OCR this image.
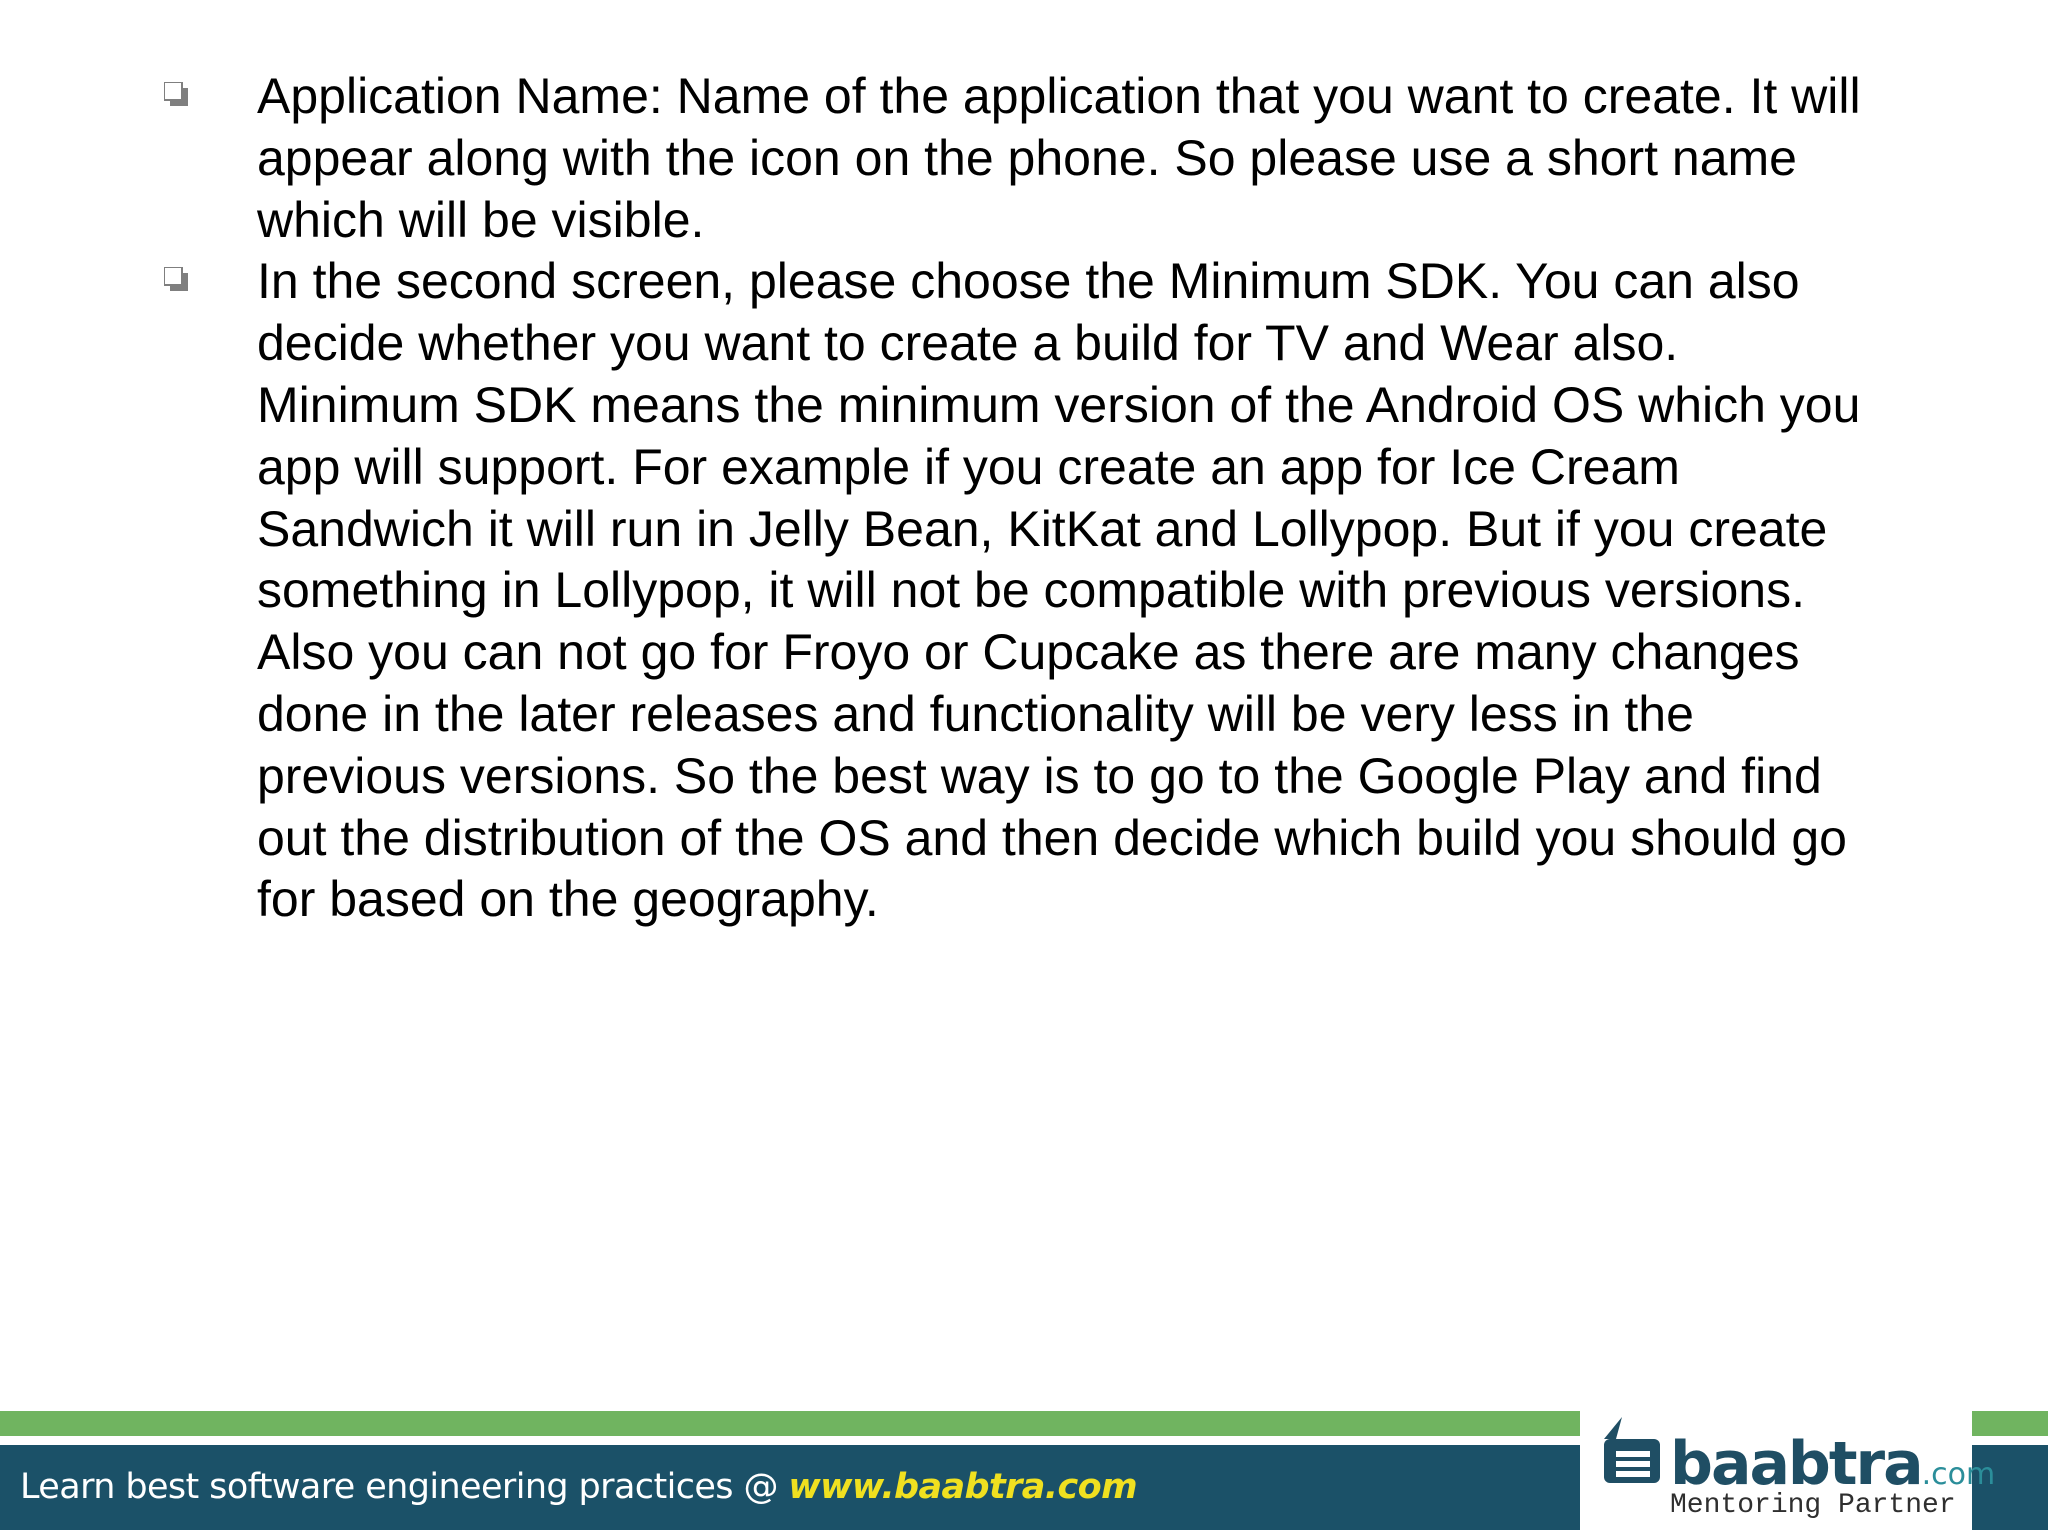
Application Name: Name of the application that you want to create. It will appear along with the icon on the phone. So please use a short name which will be visible.
In the second screen, please choose the Minimum SDK. You can also decide whether you want to create a build for TV and Wear also. Minimum SDK means the minimum version of the Android OS which you app will support. For example if you create an app for Ice Cream Sandwich it will run in Jelly Bean, KitKat and Lollypop. But if you create something in Lollypop, it will not be compatible with previous versions. Also you can not go for Froyo or Cupcake as there are many changes done in the later releases and functionality will be very less in the previous versions. So the best way is to go to the Google Play and find out the distribution of the OS and then decide which build you should go for based on the geography.
Learn best software engineering practices @ www.baabtra.com	baabtra.com
Mentoring Partner
